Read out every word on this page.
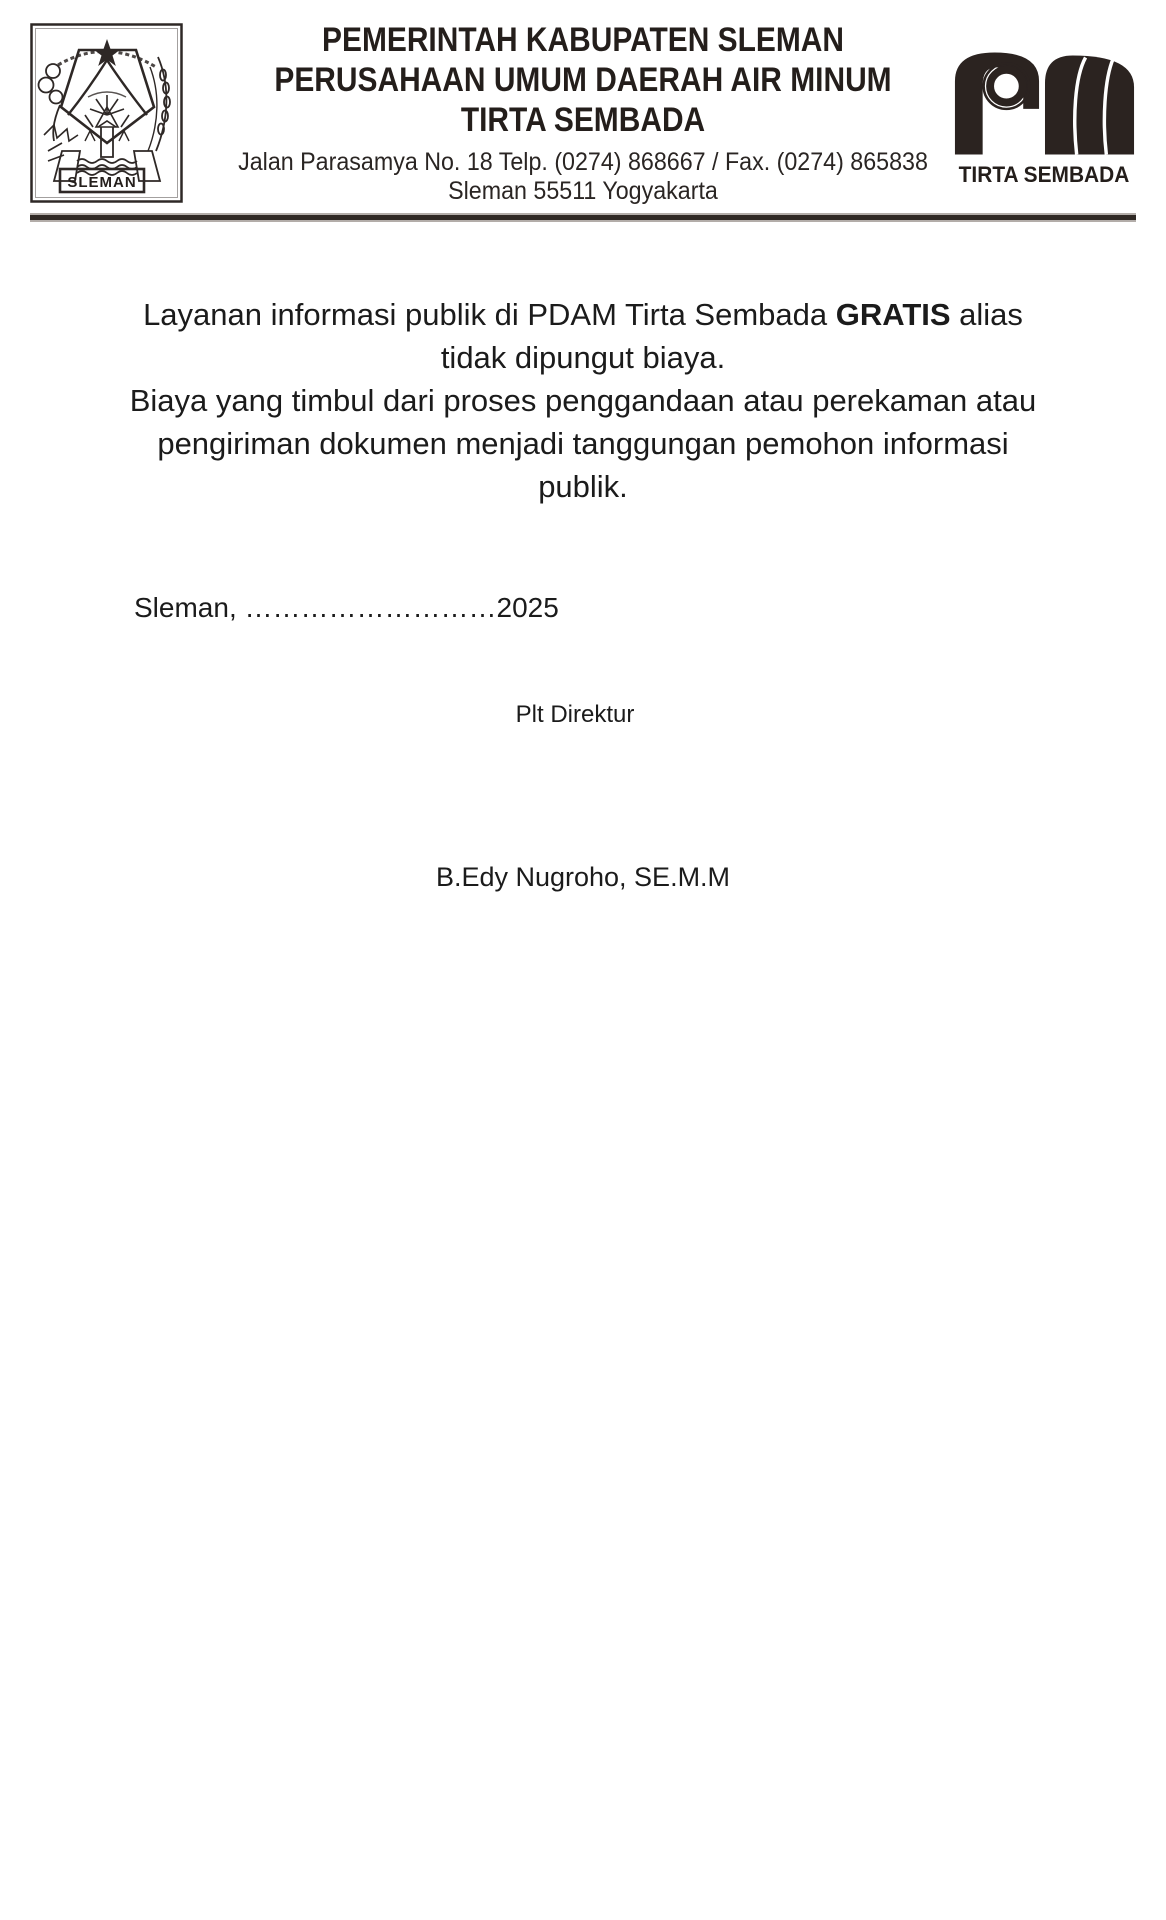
SLEMAN
PEMERINTAH KABUPATEN SLEMAN
PERUSAHAAN UMUM DAERAH AIR MINUM
TIRTA SEMBADA
Jalan Parasamya No. 18 Telp. (0274) 868667 / Fax. (0274) 865838
Sleman 55511 Yogyakarta
TIRTA SEMBADA
Layanan informasi publik di PDAM Tirta Sembada GRATIS alias
tidak dipungut biaya.
Biaya yang timbul dari proses penggandaan atau perekaman atau
pengiriman dokumen menjadi tanggungan pemohon informasi
publik.
Sleman, ………………………2025
Plt Direktur
B.Edy Nugroho, SE.M.M
